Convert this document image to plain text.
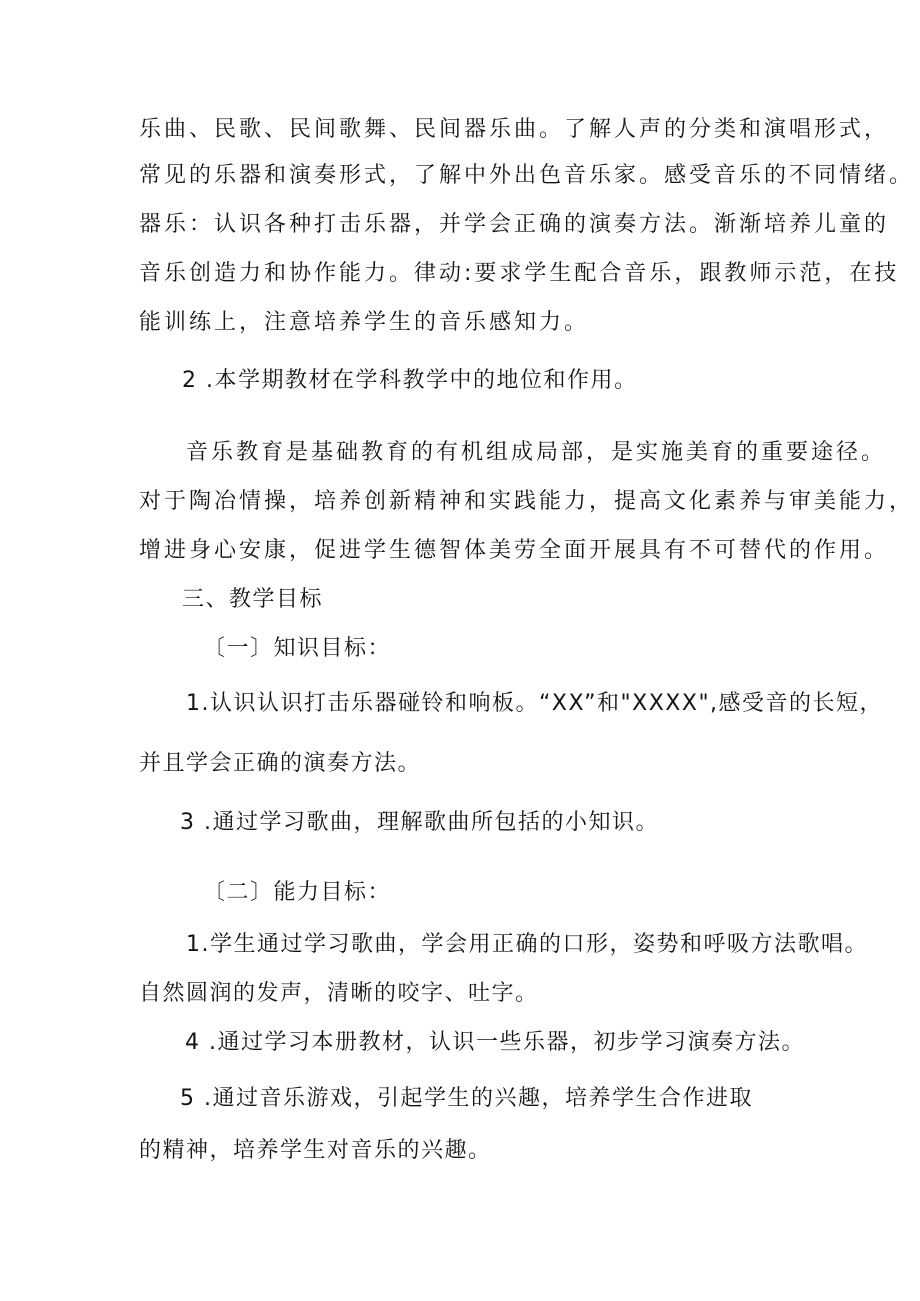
乐曲、民歌、民间歌舞、民间器乐曲。了解人声的分类和演唱形式，
常见的乐器和演奏形式，了解中外出色音乐家。感受音乐的不同情绪。
器乐：认识各种打击乐器，并学会正确的演奏方法。渐渐培养儿童的
音乐创造力和协作能力。律动:要求学生配合音乐，跟教师示范，在技
能训练上，注意培养学生的音乐感知力。
2 .本学期教材在学科教学中的地位和作用。
音乐教育是基础教育的有机组成局部，是实施美育的重要途径。
对于陶冶情操，培养创新精神和实践能力，提高文化素养与审美能力，
增进身心安康，促进学生德智体美劳全面开展具有不可替代的作用。
三、教学目标
〔一〕知识目标：
1.认识认识打击乐器碰铃和响板。“XX”和"XXXX",感受音的长短，
并且学会正确的演奏方法。
3 .通过学习歌曲，理解歌曲所包括的小知识。
〔二〕能力目标：
1.学生通过学习歌曲，学会用正确的口形，姿势和呼吸方法歌唱。
自然圆润的发声，清晰的咬字、吐字。
4 .通过学习本册教材，认识一些乐器，初步学习演奏方法。
5 .通过音乐游戏，引起学生的兴趣，培养学生合作进取
的精神，培养学生对音乐的兴趣。
